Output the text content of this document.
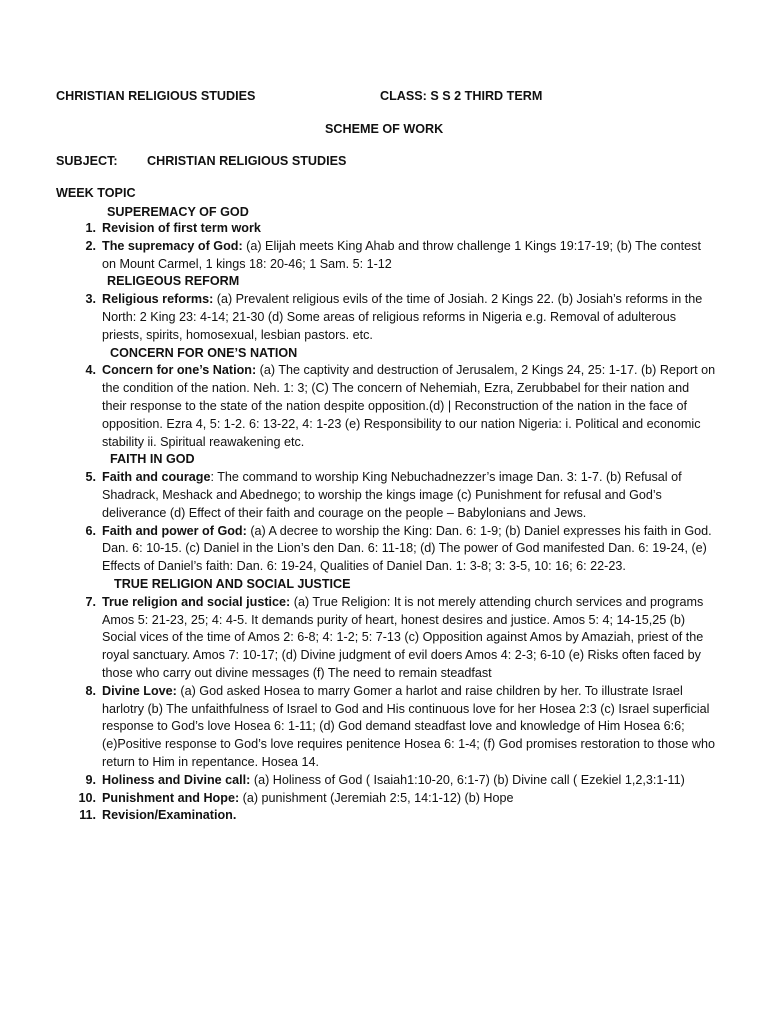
CHRISTIAN RELIGIOUS STUDIES	CLASS: S S 2 THIRD TERM
SCHEME OF WORK
SUBJECT: CHRISTIAN RELIGIOUS STUDIES
WEEK TOPIC
SUPEREMACY OF GOD
1. Revision of first term work
2. The supremacy of God: (a) Elijah meets King Ahab and throw challenge 1 Kings 19:17-19; (b) The contest on Mount Carmel, 1 kings 18: 20-46; 1 Sam. 5: 1-12
RELIGEOUS REFORM
3. Religious reforms: (a) Prevalent religious evils of the time of Josiah. 2 Kings 22. (b) Josiah’s reforms in the North: 2 King 23: 4-14; 21-30 (d) Some areas of religious reforms in Nigeria e.g. Removal of adulterous priests, spirits, homosexual, lesbian pastors. etc.
CONCERN FOR ONE’S NATION
4. Concern for one’s Nation: (a) The captivity and destruction of Jerusalem, 2 Kings 24, 25: 1-17. (b) Report on the condition of the nation. Neh. 1: 3; (C) The concern of Nehemiah, Ezra, Zerubbabel for their nation and their response to the state of the nation despite opposition.(d) | Reconstruction of the nation in the face of opposition. Ezra 4, 5: 1-2. 6: 13-22, 4: 1-23 (e) Responsibility to our nation Nigeria: i. Political and economic stability ii. Spiritual reawakening etc.
FAITH IN GOD
5. Faith and courage: The command to worship King Nebuchadnezzer’s image Dan. 3: 1-7. (b) Refusal of Shadrack, Meshack and Abednego; to worship the kings image (c) Punishment for refusal and God’s deliverance (d) Effect of their faith and courage on the people – Babylonians and Jews.
6. Faith and power of God: (a) A decree to worship the King: Dan. 6: 1-9; (b) Daniel expresses his faith in God. Dan. 6: 10-15. (c) Daniel in the Lion’s den Dan. 6: 11-18; (d) The power of God manifested Dan. 6: 19-24, (e) Effects of Daniel’s faith: Dan. 6: 19-24, Qualities of Daniel Dan. 1: 3-8; 3: 3-5, 10: 16; 6: 22-23.
TRUE RELIGION AND SOCIAL JUSTICE
7. True religion and social justice: (a) True Religion: It is not merely attending church services and programs Amos 5: 21-23, 25; 4: 4-5. It demands purity of heart, honest desires and justice. Amos 5: 4; 14-15,25 (b) Social vices of the time of Amos 2: 6-8; 4: 1-2; 5: 7-13 (c) Opposition against Amos by Amaziah, priest of the royal sanctuary. Amos 7: 10-17; (d) Divine judgment of evil doers Amos 4: 2-3; 6-10 (e) Risks often faced by those who carry out divine messages (f) The need to remain steadfast
8. Divine Love: (a) God asked Hosea to marry Gomer a harlot and raise children by her. To illustrate Israel harlotry (b) The unfaithfulness of Israel to God and His continuous love for her Hosea 2:3 (c) Israel superficial response to God’s love Hosea 6: 1-11; (d) God demand steadfast love and knowledge of Him Hosea 6:6; (e)Positive response to God’s love requires penitence Hosea 6: 1-4; (f) God promises restoration to those who return to Him in repentance. Hosea 14.
9. Holiness and Divine call: (a) Holiness of God ( Isaiah1:10-20, 6:1-7) (b) Divine call ( Ezekiel 1,2,3:1-11)
10. Punishment and Hope: (a) punishment (Jeremiah 2:5, 14:1-12) (b) Hope
11. Revision/Examination.
